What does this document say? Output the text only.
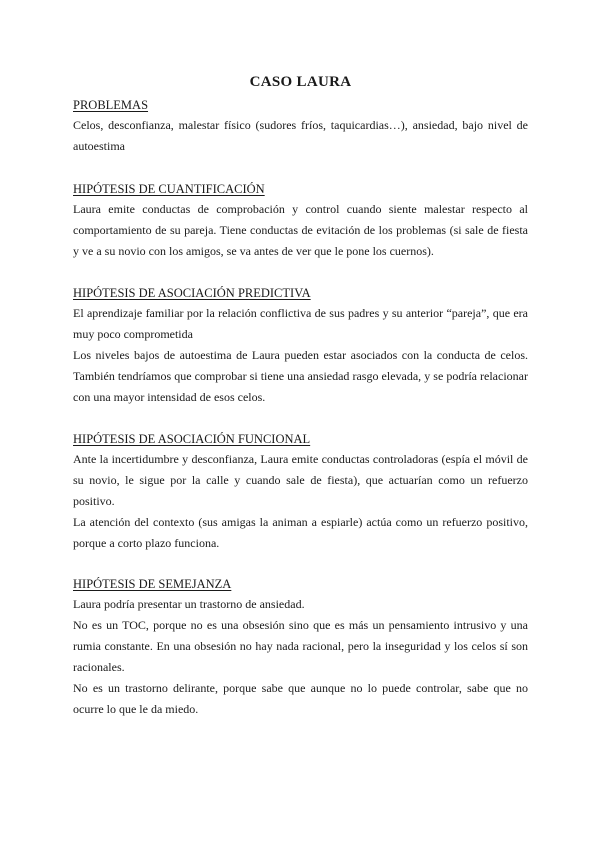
CASO LAURA

PROBLEMAS

Celos, desconfianza, malestar físico (sudores fríos, taquicardias…), ansiedad, bajo nivel de autoestima

HIPÓTESIS DE CUANTIFICACIÓN

Laura emite conductas de comprobación y control cuando siente malestar respecto al comportamiento de su pareja. Tiene conductas de evitación de los problemas (si sale de fiesta y ve a su novio con los amigos, se va antes de ver que le pone los cuernos).

HIPÓTESIS DE ASOCIACIÓN PREDICTIVA

El aprendizaje familiar por la relación conflictiva de sus padres y su anterior “pareja”, que era muy poco comprometida

Los niveles bajos de autoestima de Laura pueden estar asociados con la conducta de celos. También tendríamos que comprobar si tiene una ansiedad rasgo elevada, y se podría relacionar con una mayor intensidad de esos celos.

HIPÓTESIS DE ASOCIACIÓN FUNCIONAL

Ante la incertidumbre y desconfianza, Laura emite conductas controladoras (espía el móvil de su novio, le sigue por la calle y cuando sale de fiesta), que actuarían como un refuerzo positivo.

La atención del contexto (sus amigas la animan a espiarle) actúa como un refuerzo positivo, porque a corto plazo funciona.

HIPÓTESIS DE SEMEJANZA

Laura podría presentar un trastorno de ansiedad.

No es un TOC, porque no es una obsesión sino que es más un pensamiento intrusivo y una rumia constante. En una obsesión no hay nada racional, pero la inseguridad y los celos sí son racionales.

No es un trastorno delirante, porque sabe que aunque no lo puede controlar, sabe que no ocurre lo que le da miedo.
